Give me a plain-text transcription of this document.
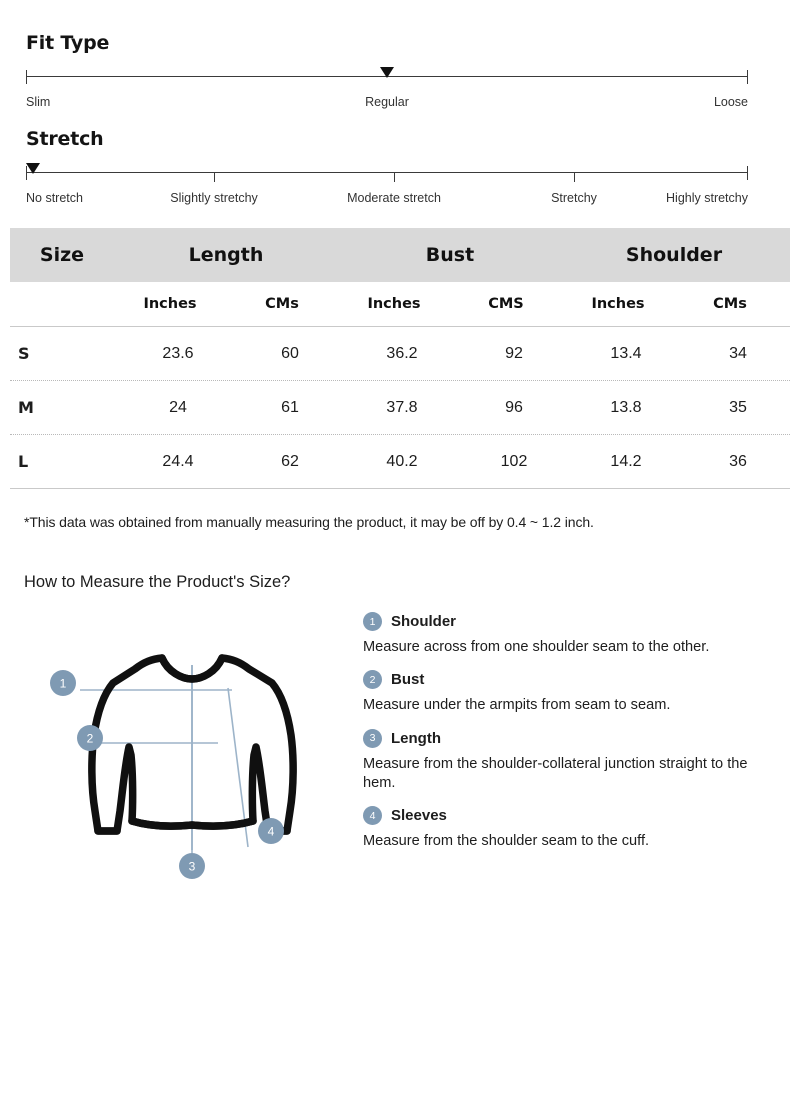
Fit Type
Slim	Regular	Loose
Stretch
No stretch	Slightly stretchy	Moderate stretch	Stretchy	Highly stretchy
Size	Length	Bust	Shoulder
Inches	CMs	Inches	CMS	Inches	CMs
S	23.6	60	36.2	92	13.4	34
M	24	61	37.8	96	13.8	35
L	24.4	62	40.2	102	14.2	36
*This data was obtained from manually measuring the product, it may be off by 0.4 ~ 1.2 inch.
How to Measure the Product's Size?
1
2
3
4
1	Shoulder
Measure across from one shoulder seam to the other.
2	Bust
Measure under the armpits from seam to seam.
3	Length
Measure from the shoulder-collateral junction straight to the hem.
4	Sleeves
Measure from the shoulder seam to the cuff.
